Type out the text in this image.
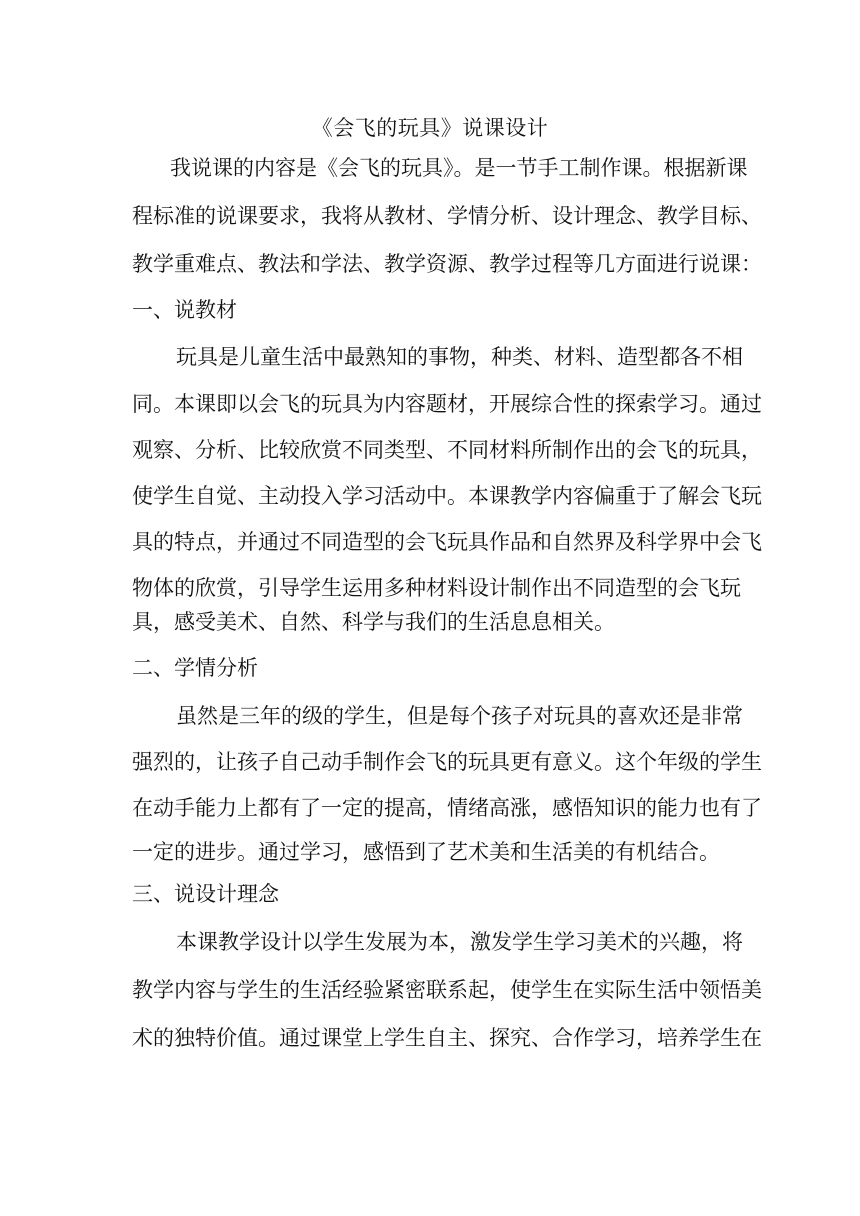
《会飞的玩具》说课设计
我说课的内容是《会飞的玩具》。是一节手工制作课。根据新课
程标准的说课要求，我将从教材、学情分析、设计理念、教学目标、
教学重难点、教法和学法、教学资源、教学过程等几方面进行说课：
一、说教材
玩具是儿童生活中最熟知的事物，种类、材料、造型都各不相
同。本课即以会飞的玩具为内容题材，开展综合性的探索学习。通过
观察、分析、比较欣赏不同类型、不同材料所制作出的会飞的玩具，
使学生自觉、主动投入学习活动中。本课教学内容偏重于了解会飞玩
具的特点，并通过不同造型的会飞玩具作品和自然界及科学界中会飞
物体的欣赏，引导学生运用多种材料设计制作出不同造型的会飞玩
具，感受美术、自然、科学与我们的生活息息相关。
二、学情分析
虽然是三年的级的学生，但是每个孩子对玩具的喜欢还是非常
强烈的，让孩子自己动手制作会飞的玩具更有意义。这个年级的学生
在动手能力上都有了一定的提高，情绪高涨，感悟知识的能力也有了
一定的进步。通过学习，感悟到了艺术美和生活美的有机结合。
三、说设计理念
本课教学设计以学生发展为本，激发学生学习美术的兴趣，将
教学内容与学生的生活经验紧密联系起，使学生在实际生活中领悟美
术的独特价值。通过课堂上学生自主、探究、合作学习，培养学生在
